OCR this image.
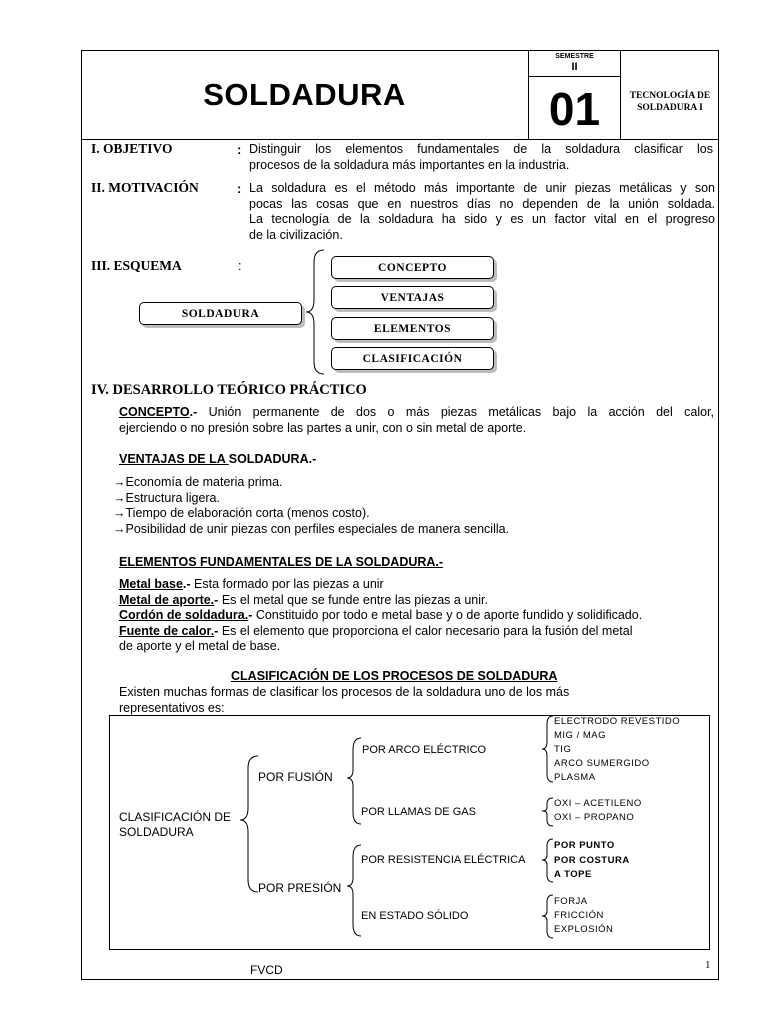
SOLDADURA
SEMESTRE
II
01	TECNOLOGÍA DE
SOLDADURA I
I. OBJETIVO	: Distinguir los elementos fundamentales de la soldadura clasificar los
procesos de la soldadura más importantes en la industria.
II. MOTIVACIÓN	: La soldadura es el método más importante de unir piezas metálicas y son
pocas las cosas que en nuestros días no dependen de la unión soldada.
La tecnología de la soldadura ha sido y es un factor vital en el progreso
de la civilización.
III. ESQUEMA	:
SOLDADURA
CONCEPTO
VENTAJAS
ELEMENTOS
CLASIFICACIÓN
IV. DESARROLLO TEÓRICO PRÁCTICO
CONCEPTO.- Unión permanente de dos o más piezas metálicas bajo la acción del calor,
ejerciendo o no presión sobre las partes a unir, con o sin metal de aporte.
VENTAJAS DE LA SOLDADURA.-
→Economía de materia prima.
→Estructura ligera.
→Tiempo de elaboración corta (menos costo).
→Posibilidad de unir piezas con perfiles especiales de manera sencilla.
ELEMENTOS FUNDAMENTALES DE LA SOLDADURA.-
Metal base.- Esta formado por las piezas a unir
Metal de aporte.- Es el metal que se funde entre las piezas a unir.
Cordón de soldadura.- Constituido por todo e metal base y o de aporte fundido y solidificado.
Fuente de calor.- Es el elemento que proporciona el calor necesario para la fusión del metal
de aporte y el metal de base.
CLASIFICACIÓN DE LOS PROCESOS DE SOLDADURA
Existen muchas formas de clasificar los procesos de la soldadura uno de los más
representativos es:
CLASIFICACIÓN DE
SOLDADURA
POR FUSIÓN
POR PRESIÓN
POR ARCO ELÉCTRICO
POR LLAMAS DE GAS
POR RESISTENCIA ELÉCTRICA
EN ESTADO SÓLIDO
ELECTRODO REVESTIDO
MIG / MAG
TIG
ARCO SUMERGIDO
PLASMA
OXI – ACETILENO
OXI – PROPANO
POR PUNTO
POR COSTURA
A TOPE
FORJA
FRICCIÓN
EXPLOSIÓN
FVCD	1
